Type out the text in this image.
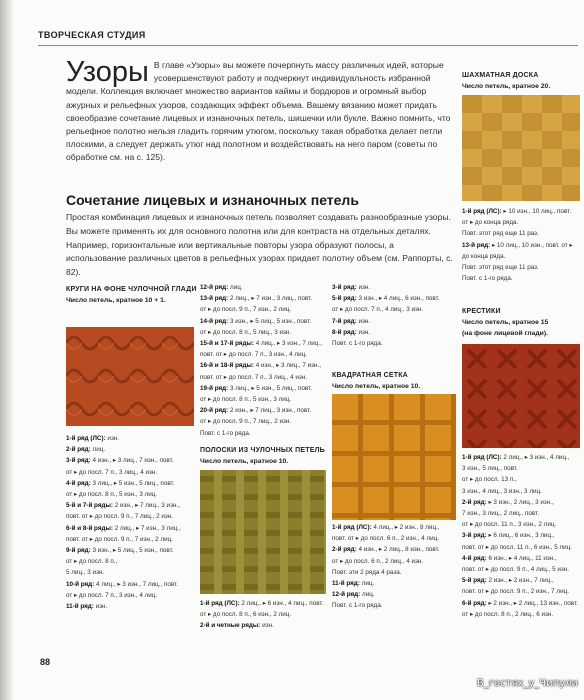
ТВОРЧЕСКАЯ СТУДИЯ
Узоры В главе «Узоры» вы можете почерпнуть массу различных идей, которые усовершенствуют работу и подчеркнут индивидуальность избранной модели. Коллекция включает множество вариантов каймы и бордюров и огромный выбор ажурных и рельефных узоров, создающих эффект объема. Вашему вязанию может придать своеобразие сочетание лицевых и изнаночных петель, шишечки или букле. Важно помнить, что рельефное полотно нельзя гладить горячим утюгом, поскольку такая обработка делает петли плоскими, а следует держать утюг над полотном и воздействовать на него паром (советы по обработке см. на с. 125).
Сочетание лицевых и изнаночных петель
Простая комбинация лицевых и изнаночных петель позволяет создавать разнообразные узоры. Вы можете применять их для основного полотна или для контраста на отдельных деталях. Например, горизонтальные или вертикальные повторы узора образуют полосы, а использование различных цветов в рельефных узорах придает полотну объем (см. Раппорты, с. 82).
КРУГИ НА ФОНЕ ЧУЛОЧНОЙ ГЛАДИ
Число петель, кратное 10 + 1.
1-й ряд (ЛС): изн.
2-й ряд: лиц.
3-й ряд: 4 изн., ▸ 3 лиц., 7 изн., повт.
от ▸ до посл. 7 п., 3 лиц., 4 изн.
4-й ряд: 3 лиц., ▸ 5 изн., 5 лиц., повт.
от ▸ до посл. 8 п., 5 изн., 3 лиц.
5-й и 7-й ряды: 2 изн., ▸ 7 лиц., 3 изн.,
повт. от ▸ до посл. 9 п., 7 лиц., 2 изн.
6-й и 8-й ряды: 2 лиц., ▸ 7 изн., 3 лиц.,
повт. от ▸ до посл. 9 п., 7 изн., 2 лиц.
9-й ряд: 3 изн., ▸ 5 лиц., 5 изн., повт.
от ▸ до посл. 8 п.,
5 лиц., 3 изн.
10-й ряд: 4 лиц., ▸ 3 изн., 7 лиц., повт.
от ▸ до посл. 7 п., 3 изн., 4 лиц.
11-й ряд: изн.
12-й ряд: лиц.
13-й ряд: 2 лиц., ▸ 7 изн., 3 лиц., повт.
от ▸ до посл. 9 п., 7 изн., 2 лиц.
14-й ряд: 3 изн., ▸ 5 лиц., 5 изн., повт.
от ▸ до посл. 8 п., 5 лиц., 3 изн.
15-й и 17-й ряды: 4 лиц., ▸ 3 изн., 7 лиц.,
повт. от ▸ до посл. 7 п., 3 изн., 4 лиц.
16-й и 18-й ряды: 4 изн., ▸ 3 лиц., 7 изн.,
повт. от ▸ до посл. 7 п., 3 лиц., 4 изн.
19-й ряд: 3 лиц., ▸ 5 изн., 5 лиц., повт.
от ▸ до посл. 8 п., 5 изн., 3 лиц.
20-й ряд: 2 изн., ▸ 7 лиц., 3 изн., повт.
от ▸ до посл. 9 п., 7 лиц., 2 изн.
Повт. с 1-го ряда.
ПОЛОСКИ ИЗ ЧУЛОЧНЫХ ПЕТЕЛЬ
Число петель, кратное 10.
1-й ряд (ЛС): 2 лиц., ▸ 6 изн., 4 лиц., повт.
от ▸ до посл. 8 п., 6 изн., 2 лиц.
2-й и четные ряды: изн.
3-й ряд: изн.
5-й ряд: 3 изн., ▸ 4 лиц., 6 изн., повт.
от ▸ до посл. 7 п., 4 лиц., 3 изн.
7-й ряд: изн.
8-й ряд: изн.
Повт. с 1-го ряда.
КВАДРАТНАЯ СЕТКА
Число петель, кратное 10.
1-й ряд (ЛС): 4 лиц., ▸ 2 изн., 8 лиц.,
повт. от ▸ до посл. 6 п., 2 изн., 4 лиц.
2-й ряд: 4 изн., ▸ 2 лиц., 8 изн., повт.
от ▸ до посл. 6 п., 2 лиц., 4 изн.
Повт. эти 2 ряда 4 раза.
11-й ряд: лиц.
12-й ряд: лиц.
Повт. с 1-го ряда.
ШАХМАТНАЯ ДОСКА
Число петель, кратное 20.
1-й ряд (ЛС): ▸ 10 изн., 10 лиц., повт.
от ▸ до конца ряда.
Повт. этот ряд еще 11 раз.
13-й ряд: ▸ 10 лиц., 10 изн., повт. от ▸
до конца ряда.
Повт. этот ряд еще 11 раз.
Повт. с 1-го ряда.
КРЕСТИКИ
Число петель, кратное 15
(на фоне лицевой глади).
1-й ряд (ЛС): 2 лиц., ▸ 3 изн., 4 лиц.,
3 изн., 5 лиц., повт.
от ▸ до посл. 13 п.,
3 изн., 4 лиц., 3 изн., 3 лиц.
2-й ряд: ▸ 3 изн., 2 лиц., 3 изн.,
7 изн., 3 лиц., 2 лиц., повт.
от ▸ до посл. 11 п., 3 изн., 2 лиц.
3-й ряд: ▸ 6 лиц., 6 изн., 3 лиц.,
повт. от ▸ до посл. 11 п., 6 изн., 5 лиц.
4-й ряд: 6 изн., ▸ 4 лиц., 11 изн.,
повт. от ▸ до посл. 9 п., 4 лиц., 5 изн.
5-й ряд: 2 изн., ▸ 2 изн., 7 лиц.,
повт. от ▸ до посл. 9 п., 2 изн., 7 лиц.
6-й ряд: ▸ 2 изн., ▸ 2 лиц., 13 изн., повт.
от ▸ до посл. 8 п., 2 лиц., 6 изн.
88
В_гостях_у_Чипули
